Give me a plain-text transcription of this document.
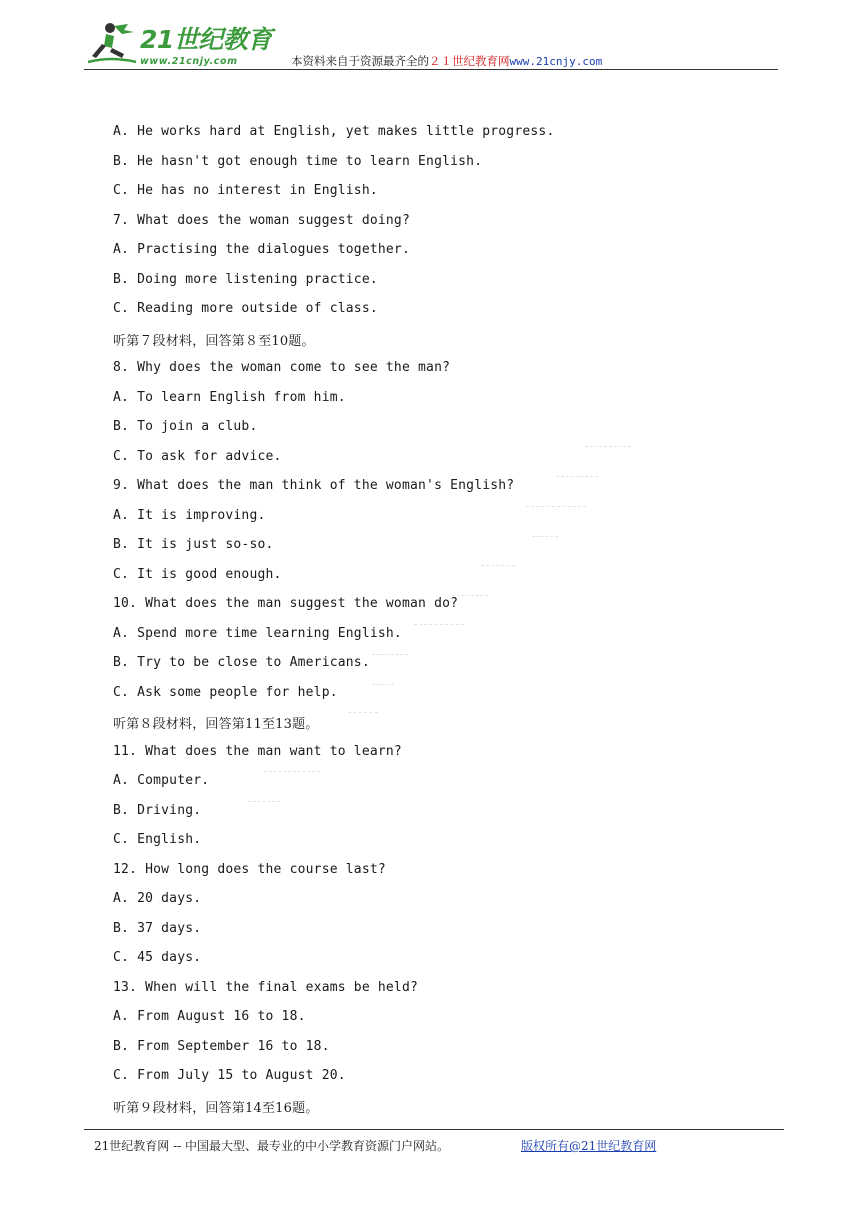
21世纪教育
www.21cnjy.com	本资料来自于资源最齐全的２１世纪教育网www.21cnjy.com
A. He works hard at English, yet makes little progress.
B. He hasn't got enough time to learn English.
C. He has no interest in English.
7. What does the woman suggest doing?
A. Practising the dialogues together.
B. Doing more listening practice.
C. Reading more outside of class.
听第７段材料，回答第８至10题。
8. Why does the woman come to see the man?
A. To learn English from him.
B. To join a club.
C. To ask for advice.
9. What does the man think of the woman's English?
A. It is improving.
B. It is just so-so.
C. It is good enough.
10. What does the man suggest the woman do?
A. Spend more time learning English.
B. Try to be close to Americans.
C. Ask some people for help.
听第８段材料，回答第11至13题。
11. What does the man want to learn?
A. Computer.
B. Driving.
C. English.
12. How long does the course last?
A. 20 days.
B. 37 days.
C. 45 days.
13. When will the final exams be held?
A. From August 16 to 18.
B. From September 16 to 18.
C. From July 15 to August 20.
听第９段材料，回答第14至16题。
21世纪教育网 -- 中国最大型、最专业的中小学教育资源门户网站。	版权所有@21世纪教育网
